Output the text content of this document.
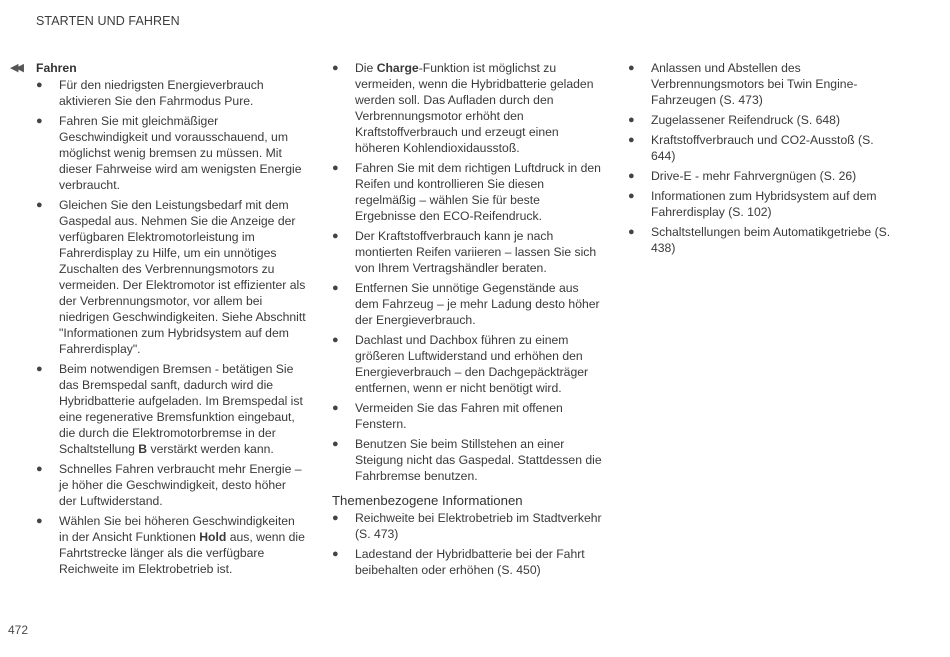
STARTEN UND FAHREN
◀◀ Fahren
● Für den niedrigsten Energieverbrauch aktivieren Sie den Fahrmodus Pure.
● Fahren Sie mit gleichmäßiger Geschwindigkeit und vorausschauend, um möglichst wenig bremsen zu müssen. Mit dieser Fahrweise wird am wenigsten Energie verbraucht.
● Gleichen Sie den Leistungsbedarf mit dem Gaspedal aus. Nehmen Sie die Anzeige der verfügbaren Elektromotorleistung im Fahrerdisplay zu Hilfe, um ein unnötiges Zuschalten des Verbrennungsmotors zu vermeiden. Der Elektromotor ist effizienter als der Verbrennungsmotor, vor allem bei niedrigen Geschwindigkeiten. Siehe Abschnitt "Informationen zum Hybridsystem auf dem Fahrerdisplay".
● Beim notwendigen Bremsen - betätigen Sie das Bremspedal sanft, dadurch wird die Hybridbatterie aufgeladen. Im Bremspedal ist eine regenerative Bremsfunktion eingebaut, die durch die Elektromotorbremse in der Schaltstellung B verstärkt werden kann.
● Schnelles Fahren verbraucht mehr Energie – je höher die Geschwindigkeit, desto höher der Luftwiderstand.
● Wählen Sie bei höheren Geschwindigkeiten in der Ansicht Funktionen Hold aus, wenn die Fahrtstrecke länger als die verfügbare Reichweite im Elektrobetrieb ist.
● Die Charge-Funktion ist möglichst zu vermeiden, wenn die Hybridbatterie geladen werden soll. Das Aufladen durch den Verbrennungsmotor erhöht den Kraftstoffverbrauch und erzeugt einen höheren Kohlendioxidausstoß.
● Fahren Sie mit dem richtigen Luftdruck in den Reifen und kontrollieren Sie diesen regelmäßig – wählen Sie für beste Ergebnisse den ECO-Reifendruck.
● Der Kraftstoffverbrauch kann je nach montierten Reifen variieren – lassen Sie sich von Ihrem Vertragshändler beraten.
● Entfernen Sie unnötige Gegenstände aus dem Fahrzeug – je mehr Ladung desto höher der Energieverbrauch.
● Dachlast und Dachbox führen zu einem größeren Luftwiderstand und erhöhen den Energieverbrauch – den Dachgepäckträger entfernen, wenn er nicht benötigt wird.
● Vermeiden Sie das Fahren mit offenen Fenstern.
● Benutzen Sie beim Stillstehen an einer Steigung nicht das Gaspedal. Stattdessen die Fahrbremse benutzen.
Themenbezogene Informationen
● Reichweite bei Elektrobetrieb im Stadtverkehr (S. 473)
● Ladestand der Hybridbatterie bei der Fahrt beibehalten oder erhöhen (S. 450)
● Anlassen und Abstellen des Verbrennungsmotors bei Twin Engine-Fahrzeugen (S. 473)
● Zugelassener Reifendruck (S. 648)
● Kraftstoffverbrauch und CO2-Ausstoß (S. 644)
● Drive-E - mehr Fahrvergnügen (S. 26)
● Informationen zum Hybridsystem auf dem Fahrerdisplay (S. 102)
● Schaltstellungen beim Automatikgetriebe (S. 438)
472
